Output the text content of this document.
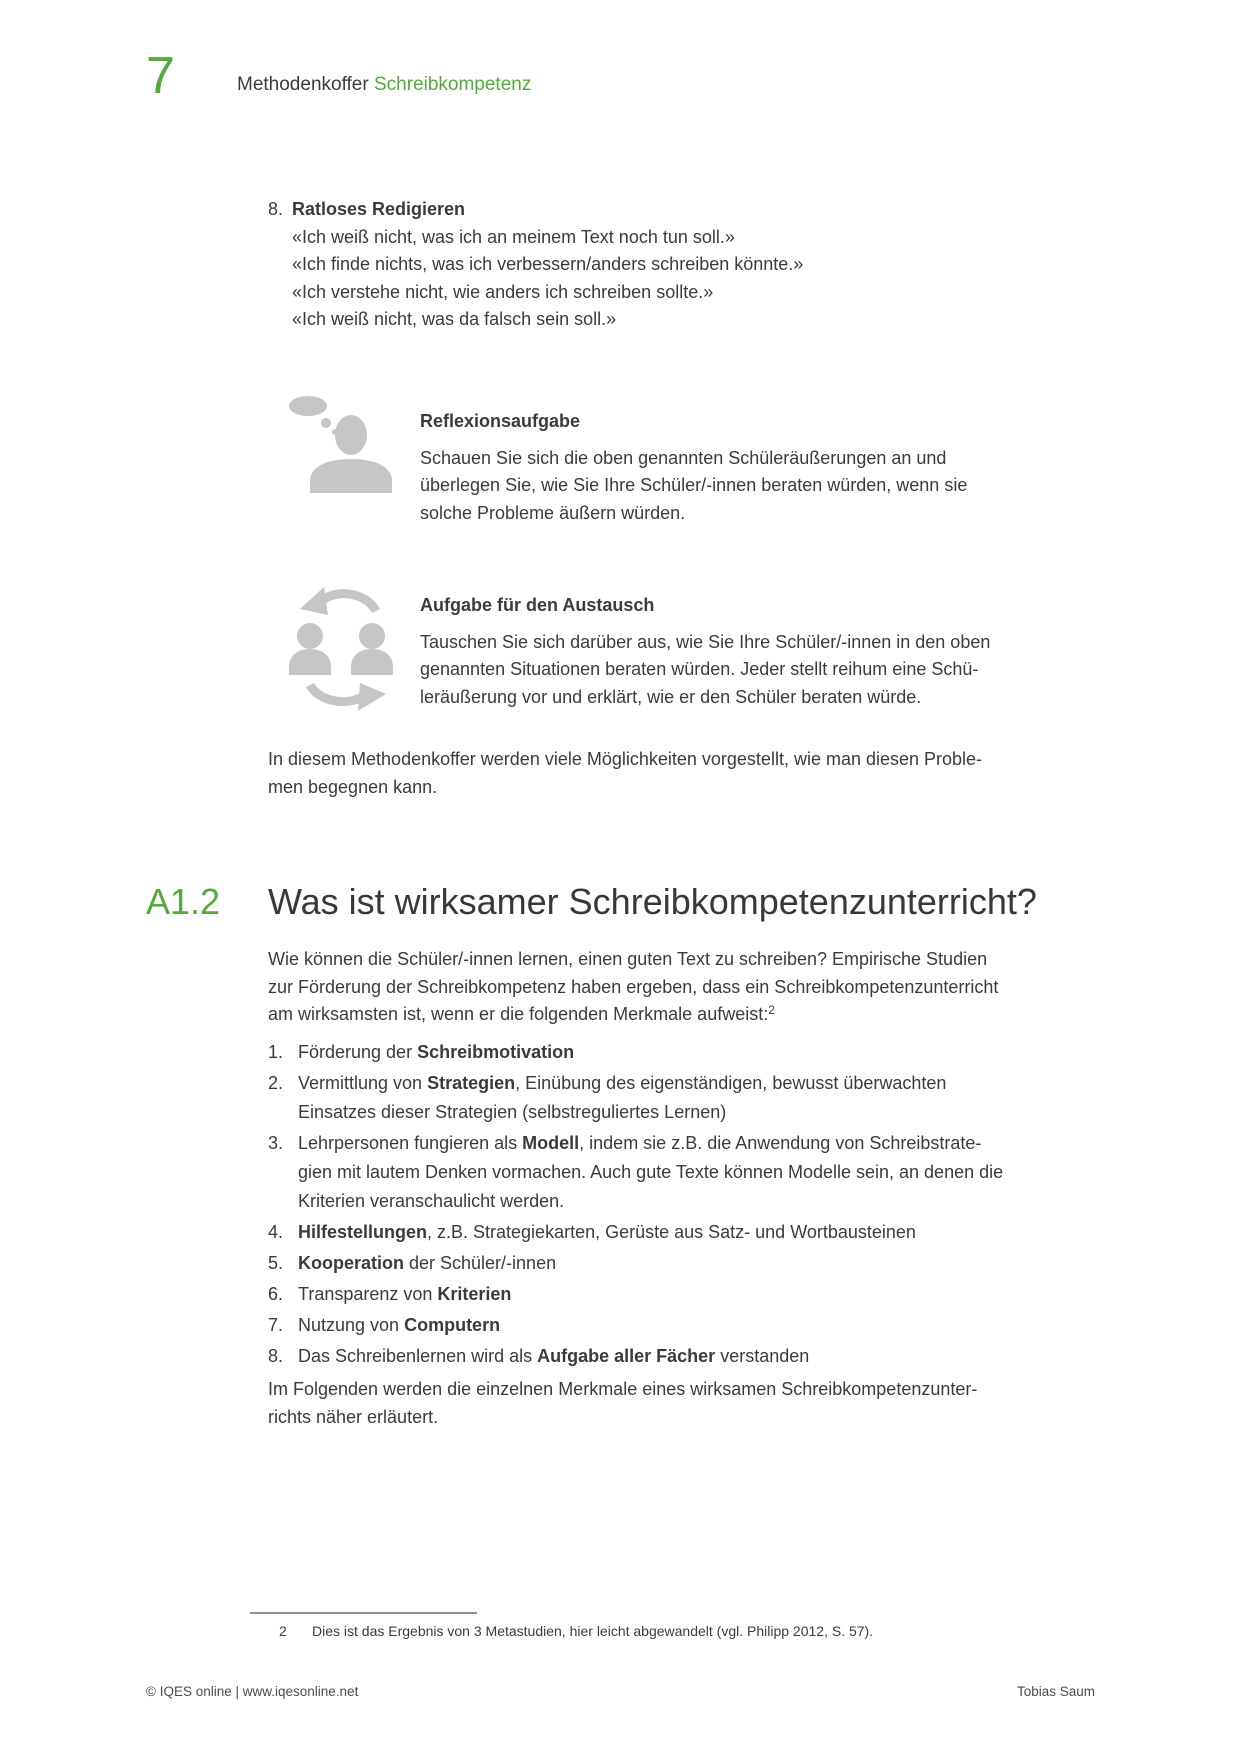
7	Methodenkoffer Schreibkompetenz
8. Ratloses Redigieren
«Ich weiß nicht, was ich an meinem Text noch tun soll.»
«Ich finde nichts, was ich verbessern/anders schreiben könnte.»
«Ich verstehe nicht, wie anders ich schreiben sollte.»
«Ich weiß nicht, was da falsch sein soll.»
Reflexionsaufgabe
Schauen Sie sich die oben genannten Schüleräußerungen an und
überlegen Sie, wie Sie Ihre Schüler/-innen beraten würden, wenn sie
solche Probleme äußern würden.
Aufgabe für den Austausch
Tauschen Sie sich darüber aus, wie Sie Ihre Schüler/-innen in den oben
genannten Situationen beraten würden. Jeder stellt reihum eine Schü-
leräußerung vor und erklärt, wie er den Schüler beraten würde.
In diesem Methodenkoffer werden viele Möglichkeiten vorgestellt, wie man diesen Proble-
men begegnen kann.
A1.2 Was ist wirksamer Schreibkompetenzunterricht?
Wie können die Schüler/-innen lernen, einen guten Text zu schreiben? Empirische Studien
zur Förderung der Schreibkompetenz haben ergeben, dass ein Schreibkompetenzunterricht
am wirksamsten ist, wenn er die folgenden Merkmale aufweist:$^2$
1. Förderung der Schreibmotivation
2. Vermittlung von Strategien, Einübung des eigenständigen, bewusst überwachten
Einsatzes dieser Strategien (selbstreguliertes Lernen)
3. Lehrpersonen fungieren als Modell, indem sie z.B. die Anwendung von Schreibstrate-
gien mit lautem Denken vormachen. Auch gute Texte können Modelle sein, an denen die
Kriterien veranschaulicht werden.
4. Hilfestellungen, z.B. Strategiekarten, Gerüste aus Satz- und Wortbausteinen
5. Kooperation der Schüler/-innen
6. Transparenz von Kriterien
7. Nutzung von Computern
8. Das Schreibenlernen wird als Aufgabe aller Fächer verstanden
Im Folgenden werden die einzelnen Merkmale eines wirksamen Schreibkompetenzunter-
richts näher erläutert.
2 Dies ist das Ergebnis von 3 Metastudien, hier leicht abgewandelt (vgl. Philipp 2012, S. 57).
© IQES online | www.iqesonline.net	Tobias Saum
